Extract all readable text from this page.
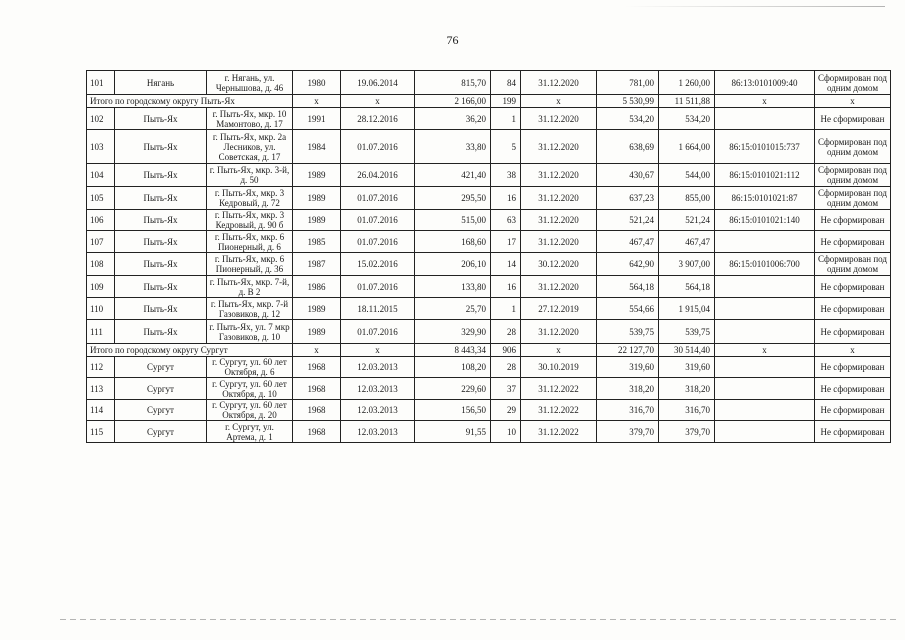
76
101	Нягань	г. Нягань, ул. Чернышова, д. 46	1980	19.06.2014	815,70	84	31.12.2020	781,00	1 260,00	86:13:0101009:40	Сформирован под одним домом
Итого по городскому округу Пыть-Ях			х	х	2 166,00	199	х	5 530,99	11 511,88	х	х
102	Пыть-Ях	г. Пыть-Ях, мкр. 10 Мамонтово, д. 17	1991	28.12.2016	36,20	1	31.12.2020	534,20	534,20		Не сформирован
103	Пыть-Ях	г. Пыть-Ях, мкр. 2а Лесников, ул. Советская, д. 17	1984	01.07.2016	33,80	5	31.12.2020	638,69	1 664,00	86:15:0101015:737	Сформирован под одним домом
104	Пыть-Ях	г. Пыть-Ях, мкр. 3-й, д. 50	1989	26.04.2016	421,40	38	31.12.2020	430,67	544,00	86:15:0101021:112	Сформирован под одним домом
105	Пыть-Ях	г. Пыть-Ях, мкр. 3 Кедровый, д. 72	1989	01.07.2016	295,50	16	31.12.2020	637,23	855,00	86:15:0101021:87	Сформирован под одним домом
106	Пыть-Ях	г. Пыть-Ях, мкр. 3 Кедровый, д. 90 б	1989	01.07.2016	515,00	63	31.12.2020	521,24	521,24	86:15:0101021:140	Не сформирован
107	Пыть-Ях	г. Пыть-Ях, мкр. 6 Пионерный, д. 6	1985	01.07.2016	168,60	17	31.12.2020	467,47	467,47		Не сформирован
108	Пыть-Ях	г. Пыть-Ях, мкр. 6 Пионерный, д. 36	1987	15.02.2016	206,10	14	30.12.2020	642,90	3 907,00	86:15:0101006:700	Сформирован под одним домом
109	Пыть-Ях	г. Пыть-Ях, мкр. 7-й, д. В 2	1986	01.07.2016	133,80	16	31.12.2020	564,18	564,18		Не сформирован
110	Пыть-Ях	г. Пыть-Ях, мкр. 7-й Газовиков, д. 12	1989	18.11.2015	25,70	1	27.12.2019	554,66	1 915,04		Не сформирован
111	Пыть-Ях	г. Пыть-Ях, ул. 7 мкр Газовиков, д. 10	1989	01.07.2016	329,90	28	31.12.2020	539,75	539,75		Не сформирован
Итого по городскому округу Сургут			х	х	8 443,34	906	х	22 127,70	30 514,40	х	х
112	Сургут	г. Сургут, ул. 60 лет Октября, д. 6	1968	12.03.2013	108,20	28	30.10.2019	319,60	319,60		Не сформирован
113	Сургут	г. Сургут, ул. 60 лет Октября, д. 10	1968	12.03.2013	229,60	37	31.12.2022	318,20	318,20		Не сформирован
114	Сургут	г. Сургут, ул. 60 лет Октября, д. 20	1968	12.03.2013	156,50	29	31.12.2022	316,70	316,70		Не сформирован
115	Сургут	г. Сургут, ул. Артема, д. 1	1968	12.03.2013	91,55	10	31.12.2022	379,70	379,70		Не сформирован
